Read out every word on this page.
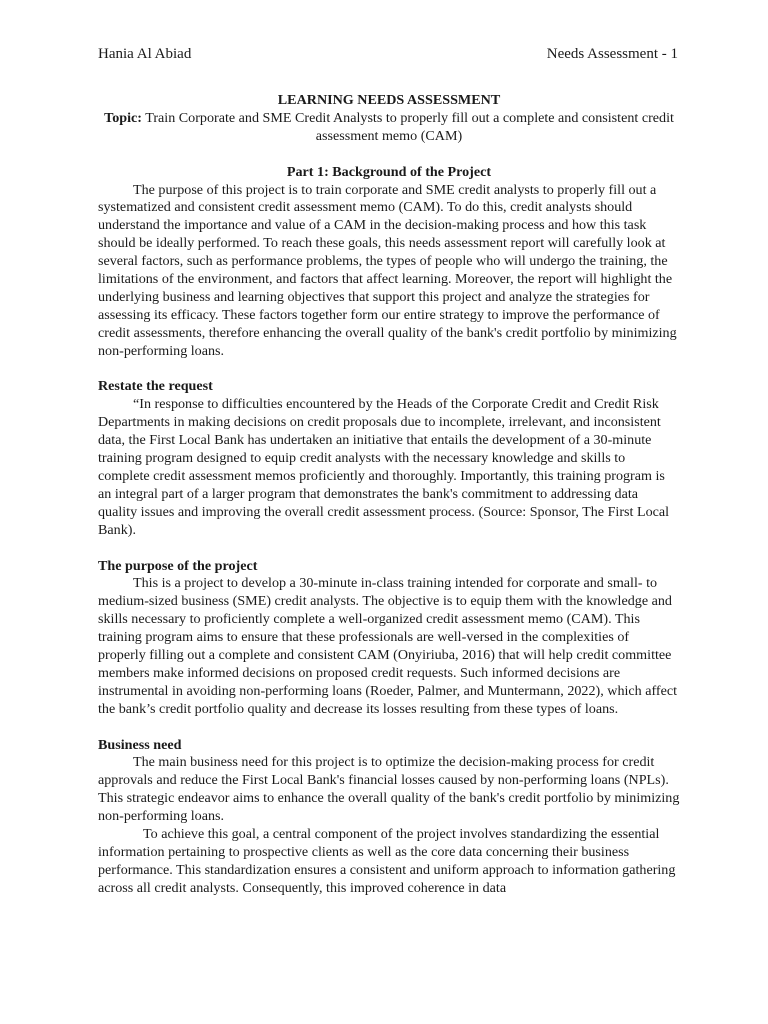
Hania Al Abiad	Needs Assessment - 1
LEARNING NEEDS ASSESSMENT
Topic: Train Corporate and SME Credit Analysts to properly fill out a complete and consistent credit assessment memo (CAM)
Part 1: Background of the Project

The purpose of this project is to train corporate and SME credit analysts to properly fill out a systematized and consistent credit assessment memo (CAM). To do this, credit analysts should understand the importance and value of a CAM in the decision-making process and how this task should be ideally performed. To reach these goals, this needs assessment report will carefully look at several factors, such as performance problems, the types of people who will undergo the training, the limitations of the environment, and factors that affect learning. Moreover, the report will highlight the underlying business and learning objectives that support this project and analyze the strategies for assessing its efficacy. These factors together form our entire strategy to improve the performance of credit assessments, therefore enhancing the overall quality of the bank's credit portfolio by minimizing non-performing loans.

Restate the request

“In response to difficulties encountered by the Heads of the Corporate Credit and Credit Risk Departments in making decisions on credit proposals due to incomplete, irrelevant, and inconsistent data, the First Local Bank has undertaken an initiative that entails the development of a 30-minute training program designed to equip credit analysts with the necessary knowledge and skills to complete credit assessment memos proficiently and thoroughly. Importantly, this training program is an integral part of a larger program that demonstrates the bank's commitment to addressing data quality issues and improving the overall credit assessment process. (Source: Sponsor, The First Local Bank).

The purpose of the project

This is a project to develop a 30-minute in-class training intended for corporate and small- to medium-sized business (SME) credit analysts. The objective is to equip them with the knowledge and skills necessary to proficiently complete a well-organized credit assessment memo (CAM). This training program aims to ensure that these professionals are well-versed in the complexities of properly filling out a complete and consistent CAM (Onyiriuba, 2016) that will help credit committee members make informed decisions on proposed credit requests. Such informed decisions are instrumental in avoiding non-performing loans (Roeder, Palmer, and Muntermann, 2022), which affect the bank’s credit portfolio quality and decrease its losses resulting from these types of loans.

Business need

The main business need for this project is to optimize the decision-making process for credit approvals and reduce the First Local Bank's financial losses caused by non-performing loans (NPLs). This strategic endeavor aims to enhance the overall quality of the bank's credit portfolio by minimizing non-performing loans.

To achieve this goal, a central component of the project involves standardizing the essential information pertaining to prospective clients as well as the core data concerning their business performance. This standardization ensures a consistent and uniform approach to information gathering across all credit analysts. Consequently, this improved coherence in data
